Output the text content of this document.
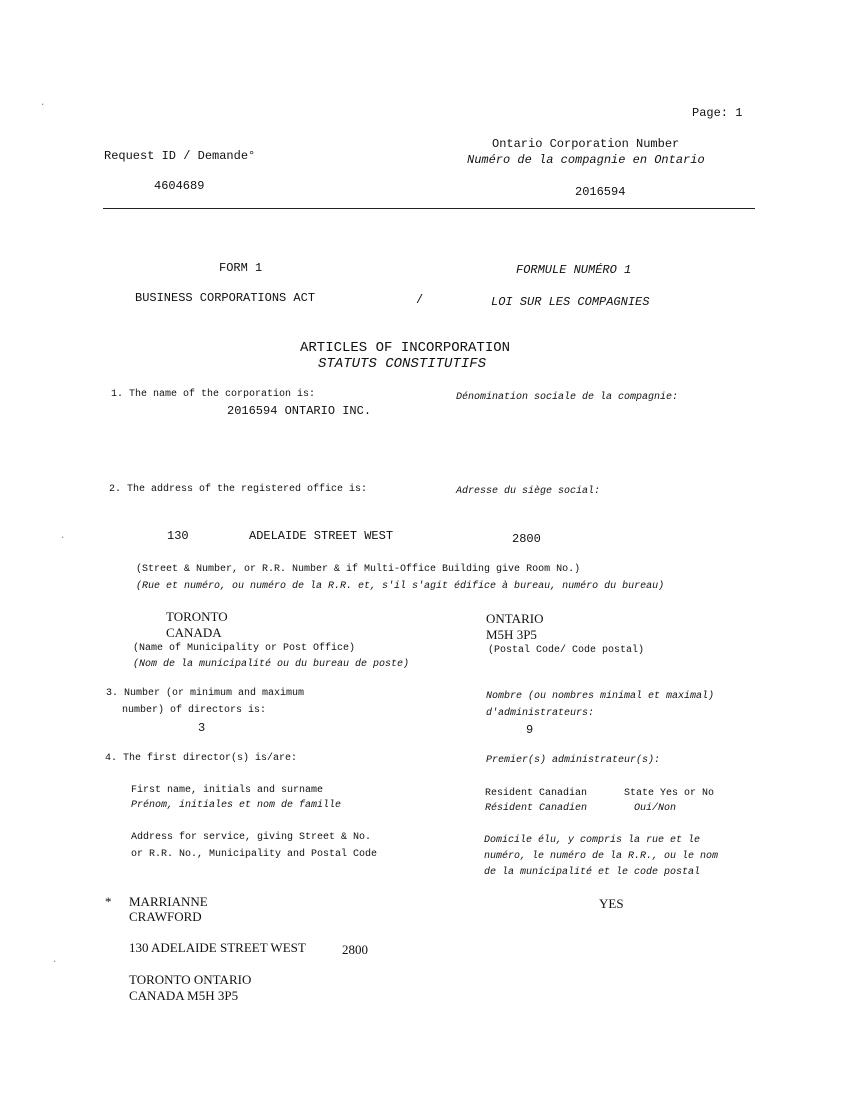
Page: 1
Ontario Corporation Number
Request ID / Demande°	Numéro de la compagnie en Ontario
4604689	2016594
FORM 1	FORMULE NUMÉRO 1
BUSINESS CORPORATIONS ACT	/	LOI SUR LES COMPAGNIES
ARTICLES OF INCORPORATION
STATUTS CONSTITUTIFS
1. The name of the corporation is:	Dénomination sociale de la compagnie:
2016594 ONTARIO INC.
2. The address of the registered office is:	Adresse du siège social:
130	ADELAIDE STREET WEST	2800
(Street & Number, or R.R. Number & if Multi-Office Building give Room No.)
(Rue et numéro, ou numéro de la R.R. et, s'il s'agit édifice à bureau, numéro du bureau)
TORONTO	ONTARIO
CANADA	M5H 3P5
(Name of Municipality or Post Office)	(Postal Code/ Code postal)
(Nom de la municipalité ou du bureau de poste)
3. Number (or minimum and maximum	Nombre (ou nombres minimal et maximal)
number) of directors is:	d'administrateurs:
3	9
4. The first director(s) is/are:	Premier(s) administrateur(s):
First name, initials and surname	Resident Canadian	State Yes or No
Prénom, initiales et nom de famille	Résident Canadien	Oui/Non
Address for service, giving Street & No.	Domicile élu, y compris la rue et le
or R.R. No., Municipality and Postal Code	numéro, le numéro de la R.R., ou le nom
de la municipalité et le code postal
* MARRIANNE	YES
CRAWFORD
130 ADELAIDE STREET WEST	2800
TORONTO ONTARIO
CANADA M5H 3P5
·
·
·
